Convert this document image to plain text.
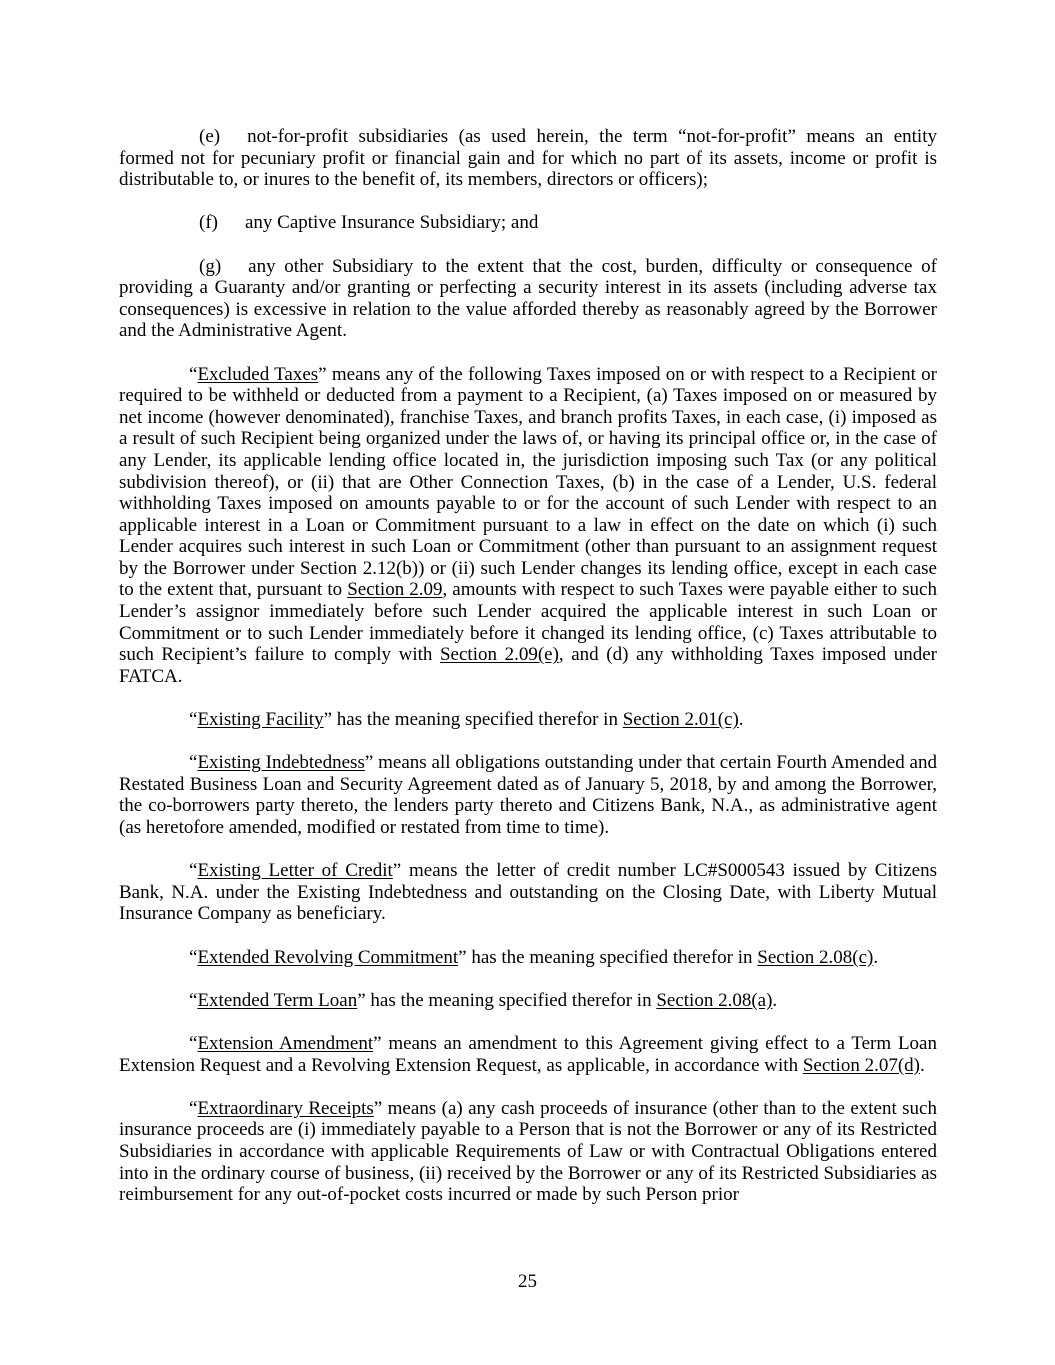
(e) not-for-profit subsidiaries (as used herein, the term “not-for-profit” means an entity formed not for pecuniary profit or financial gain and for which no part of its assets, income or profit is distributable to, or inures to the benefit of, its members, directors or officers);

(f) any Captive Insurance Subsidiary; and

(g) any other Subsidiary to the extent that the cost, burden, difficulty or consequence of providing a Guaranty and/or granting or perfecting a security interest in its assets (including adverse tax consequences) is excessive in relation to the value afforded thereby as reasonably agreed by the Borrower and the Administrative Agent.

“Excluded Taxes” means any of the following Taxes imposed on or with respect to a Recipient or required to be withheld or deducted from a payment to a Recipient, (a) Taxes imposed on or measured by net income (however denominated), franchise Taxes, and branch profits Taxes, in each case, (i) imposed as a result of such Recipient being organized under the laws of, or having its principal office or, in the case of any Lender, its applicable lending office located in, the jurisdiction imposing such Tax (or any political subdivision thereof), or (ii) that are Other Connection Taxes, (b) in the case of a Lender, U.S. federal withholding Taxes imposed on amounts payable to or for the account of such Lender with respect to an applicable interest in a Loan or Commitment pursuant to a law in effect on the date on which (i) such Lender acquires such interest in such Loan or Commitment (other than pursuant to an assignment request by the Borrower under Section 2.12(b)) or (ii) such Lender changes its lending office, except in each case to the extent that, pursuant to Section 2.09, amounts with respect to such Taxes were payable either to such Lender’s assignor immediately before such Lender acquired the applicable interest in such Loan or Commitment or to such Lender immediately before it changed its lending office, (c) Taxes attributable to such Recipient’s failure to comply with Section 2.09(e), and (d) any withholding Taxes imposed under FATCA.

“Existing Facility” has the meaning specified therefor in Section 2.01(c).

“Existing Indebtedness” means all obligations outstanding under that certain Fourth Amended and Restated Business Loan and Security Agreement dated as of January 5, 2018, by and among the Borrower, the co-borrowers party thereto, the lenders party thereto and Citizens Bank, N.A., as administrative agent (as heretofore amended, modified or restated from time to time).

“Existing Letter of Credit” means the letter of credit number LC#S000543 issued by Citizens Bank, N.A. under the Existing Indebtedness and outstanding on the Closing Date, with Liberty Mutual Insurance Company as beneficiary.

“Extended Revolving Commitment” has the meaning specified therefor in Section 2.08(c).

“Extended Term Loan” has the meaning specified therefor in Section 2.08(a).

“Extension Amendment” means an amendment to this Agreement giving effect to a Term Loan Extension Request and a Revolving Extension Request, as applicable, in accordance with Section 2.07(d).

“Extraordinary Receipts” means (a) any cash proceeds of insurance (other than to the extent such insurance proceeds are (i) immediately payable to a Person that is not the Borrower or any of its Restricted Subsidiaries in accordance with applicable Requirements of Law or with Contractual Obligations entered into in the ordinary course of business, (ii) received by the Borrower or any of its Restricted Subsidiaries as reimbursement for any out-of-pocket costs incurred or made by such Person prior

25
